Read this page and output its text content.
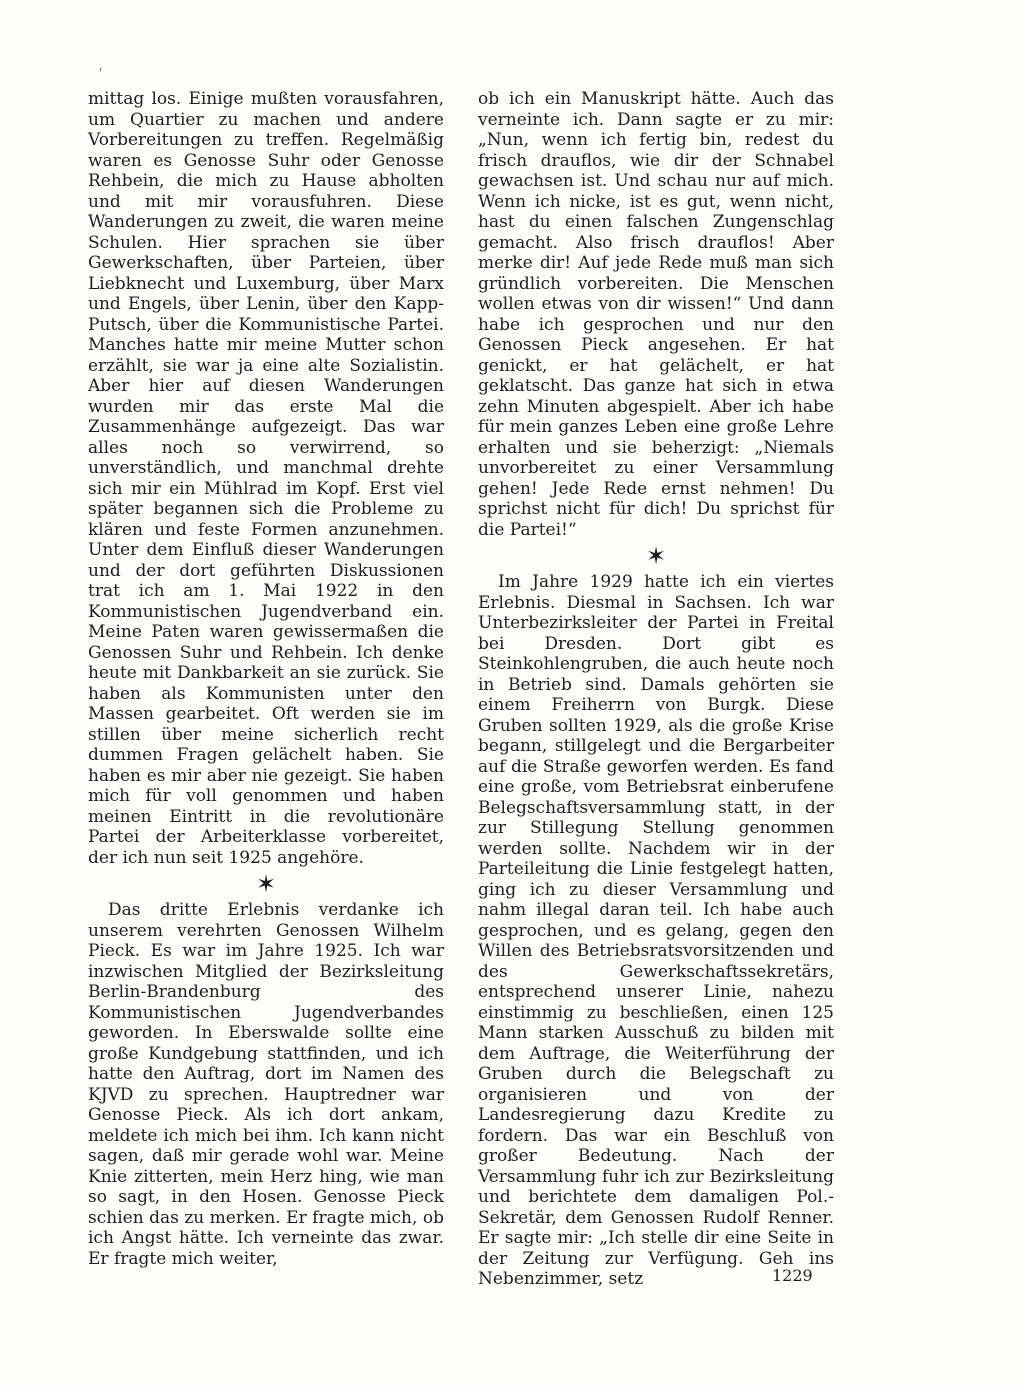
'

mittag los. Einige mußten vorausfahren, um Quartier zu machen und andere Vorbereitungen zu treffen. Regelmäßig waren es Genosse Suhr oder Genosse Rehbein, die mich zu Hause abholten und mit mir vorausfuhren. Diese Wanderungen zu zweit, die waren meine Schulen. Hier sprachen sie über Gewerkschaften, über Parteien, über Liebknecht und Luxemburg, über Marx und Engels, über Lenin, über den Kapp-Putsch, über die Kommunistische Partei. Manches hatte mir meine Mutter schon erzählt, sie war ja eine alte Sozialistin. Aber hier auf diesen Wanderungen wurden mir das erste Mal die Zusammenhänge aufgezeigt. Das war alles noch so verwirrend, so unverständlich, und manchmal drehte sich mir ein Mühlrad im Kopf. Erst viel später begannen sich die Probleme zu klären und feste Formen anzunehmen. Unter dem Einfluß dieser Wanderungen und der dort geführten Diskussionen trat ich am 1. Mai 1922 in den Kommunistischen Jugendverband ein. Meine Paten waren gewissermaßen die Genossen Suhr und Rehbein. Ich denke heute mit Dankbarkeit an sie zurück. Sie haben als Kommunisten unter den Massen gearbeitet. Oft werden sie im stillen über meine sicherlich recht dummen Fragen gelächelt haben. Sie haben es mir aber nie gezeigt. Sie haben mich für voll genommen und haben meinen Eintritt in die revolutionäre Partei der Arbeiterklasse vorbereitet, der ich nun seit 1925 angehöre.

✶

Das dritte Erlebnis verdanke ich unserem verehrten Genossen Wilhelm Pieck. Es war im Jahre 1925. Ich war inzwischen Mitglied der Bezirksleitung Berlin-Brandenburg des Kommunistischen Jugendverbandes geworden. In Eberswalde sollte eine große Kundgebung stattfinden, und ich hatte den Auftrag, dort im Namen des KJVD zu sprechen. Hauptredner war Genosse Pieck. Als ich dort ankam, meldete ich mich bei ihm. Ich kann nicht sagen, daß mir gerade wohl war. Meine Knie zitterten, mein Herz hing, wie man so sagt, in den Hosen. Genosse Pieck schien das zu merken. Er fragte mich, ob ich Angst hätte. Ich verneinte das zwar. Er fragte mich weiter,

ob ich ein Manuskript hätte. Auch das verneinte ich. Dann sagte er zu mir: „Nun, wenn ich fertig bin, redest du frisch drauflos, wie dir der Schnabel gewachsen ist. Und schau nur auf mich. Wenn ich nicke, ist es gut, wenn nicht, hast du einen falschen Zungenschlag gemacht. Also frisch drauflos! Aber merke dir! Auf jede Rede muß man sich gründlich vorbereiten. Die Menschen wollen etwas von dir wissen!“ Und dann habe ich gesprochen und nur den Genossen Pieck angesehen. Er hat genickt, er hat gelächelt, er hat geklatscht. Das ganze hat sich in etwa zehn Minuten abgespielt. Aber ich habe für mein ganzes Leben eine große Lehre erhalten und sie beherzigt: „Niemals unvorbereitet zu einer Versammlung gehen! Jede Rede ernst nehmen! Du sprichst nicht für dich! Du sprichst für die Partei!“

✶

Im Jahre 1929 hatte ich ein viertes Erlebnis. Diesmal in Sachsen. Ich war Unterbezirksleiter der Partei in Freital bei Dresden. Dort gibt es Steinkohlengruben, die auch heute noch in Betrieb sind. Damals gehörten sie einem Freiherrn von Burgk. Diese Gruben sollten 1929, als die große Krise begann, stillgelegt und die Bergarbeiter auf die Straße geworfen werden. Es fand eine große, vom Betriebsrat einberufene Belegschaftsversammlung statt, in der zur Stillegung Stellung genommen werden sollte. Nachdem wir in der Parteileitung die Linie festgelegt hatten, ging ich zu dieser Versammlung und nahm illegal daran teil. Ich habe auch gesprochen, und es gelang, gegen den Willen des Betriebsratsvorsitzenden und des Gewerkschaftssekretärs, entsprechend unserer Linie, nahezu einstimmig zu beschließen, einen 125 Mann starken Ausschuß zu bilden mit dem Auftrage, die Weiterführung der Gruben durch die Belegschaft zu organisieren und von der Landesregierung dazu Kredite zu fordern. Das war ein Beschluß von großer Bedeutung. Nach der Versammlung fuhr ich zur Bezirksleitung und berichtete dem damaligen Pol.-Sekretär, dem Genossen Rudolf Renner. Er sagte mir: „Ich stelle dir eine Seite in der Zeitung zur Verfügung. Geh ins Nebenzimmer, setz	1229
